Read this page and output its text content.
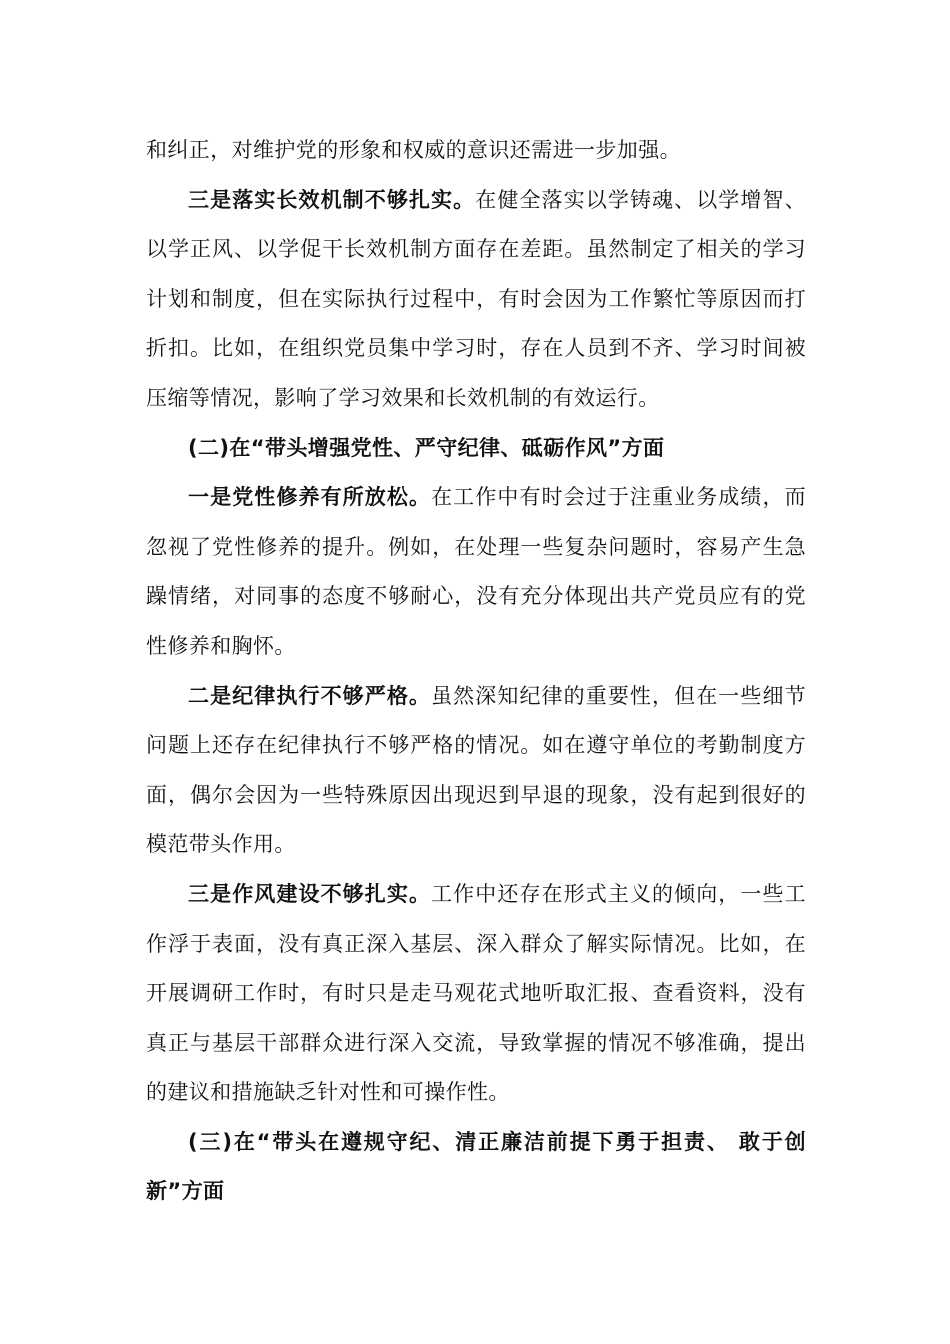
和纠正，对维护党的形象和权威的意识还需进一步加强。

三是落实长效机制不够扎实。在健全落实以学铸魂、以学增智、以学正风、以学促干长效机制方面存在差距。虽然制定了相关的学习计划和制度，但在实际执行过程中，有时会因为工作繁忙等原因而打折扣。比如，在组织党员集中学习时，存在人员到不齐、学习时间被压缩等情况，影响了学习效果和长效机制的有效运行。

(二)在“带头增强党性、严守纪律、砥砺作风”方面

一是党性修养有所放松。在工作中有时会过于注重业务成绩，而忽视了党性修养的提升。例如，在处理一些复杂问题时，容易产生急躁情绪，对同事的态度不够耐心，没有充分体现出共产党员应有的党性修养和胸怀。

二是纪律执行不够严格。虽然深知纪律的重要性，但在一些细节问题上还存在纪律执行不够严格的情况。如在遵守单位的考勤制度方面，偶尔会因为一些特殊原因出现迟到早退的现象，没有起到很好的模范带头作用。

三是作风建设不够扎实。工作中还存在形式主义的倾向，一些工作浮于表面，没有真正深入基层、深入群众了解实际情况。比如，在开展调研工作时，有时只是走马观花式地听取汇报、查看资料，没有真正与基层干部群众进行深入交流，导致掌握的情况不够准确，提出的建议和措施缺乏针对性和可操作性。

(三)在“带头在遵规守纪、清正廉洁前提下勇于担责、 敢于创新”方面
